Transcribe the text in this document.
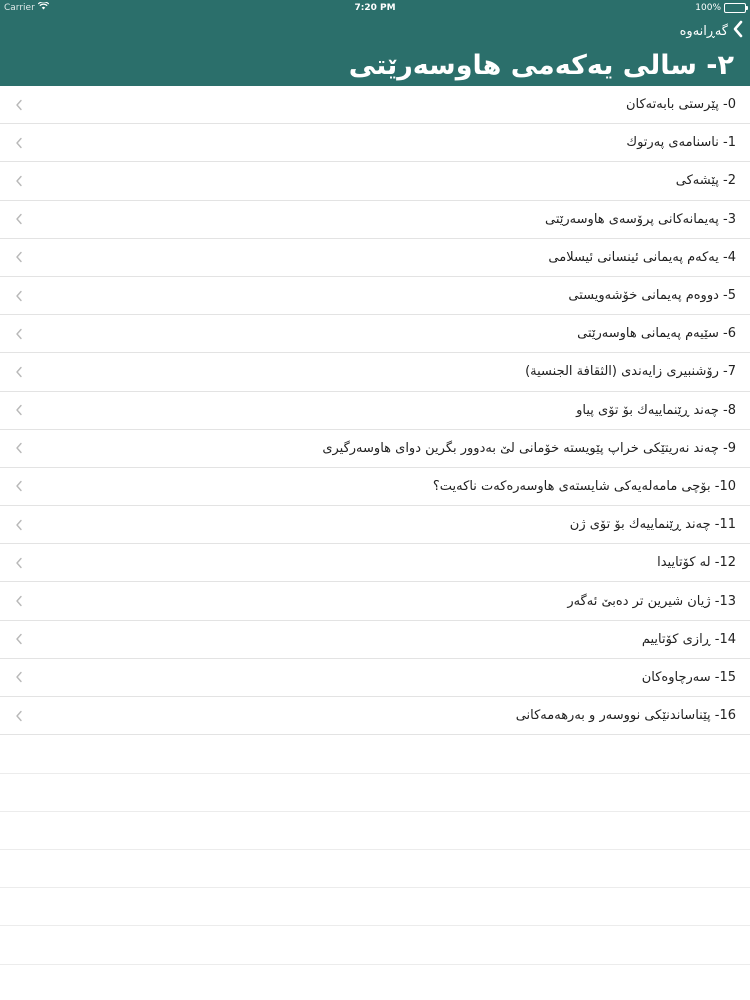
Carrier	7:20 PM	100%
گەڕانەوە
٢- سالی یەکەمی هاوسەرێتی
0- پێرستی بابەتەکان
1- ناسنامەی پەرتوك
2- پێشەکی
3- پەیمانەکانی پرۆسەی هاوسەرێتی
4- یەکەم پەیمانی ئینسانی ئیسلامی
5- دووەم پەیمانی خۆشەویستی
6- سێیەم پەیمانی هاوسەرێتی
7- رۆشنبیری زایەندی (الثقافة الجنسية)
8- چەند ڕێنماییەك بۆ تۆی پیاو
9- چەند نەریتێکی خراپ پێویستە خۆمانی لێ بەدوور بگرین دوای هاوسەرگیری
10- بۆچی مامەلەیەکی شایستەی هاوسەرەکەت ناکەیت؟
11- چەند ڕێنماییەك بۆ تۆی ژن
12- لە کۆتاییدا
13- ژیان شیرین تر دەبێ ئەگەر
14- ڕازی کۆتاییم
15- سەرچاوەکان
16- پێناساندنێکی نووسەر و بەرهەمەکانی
